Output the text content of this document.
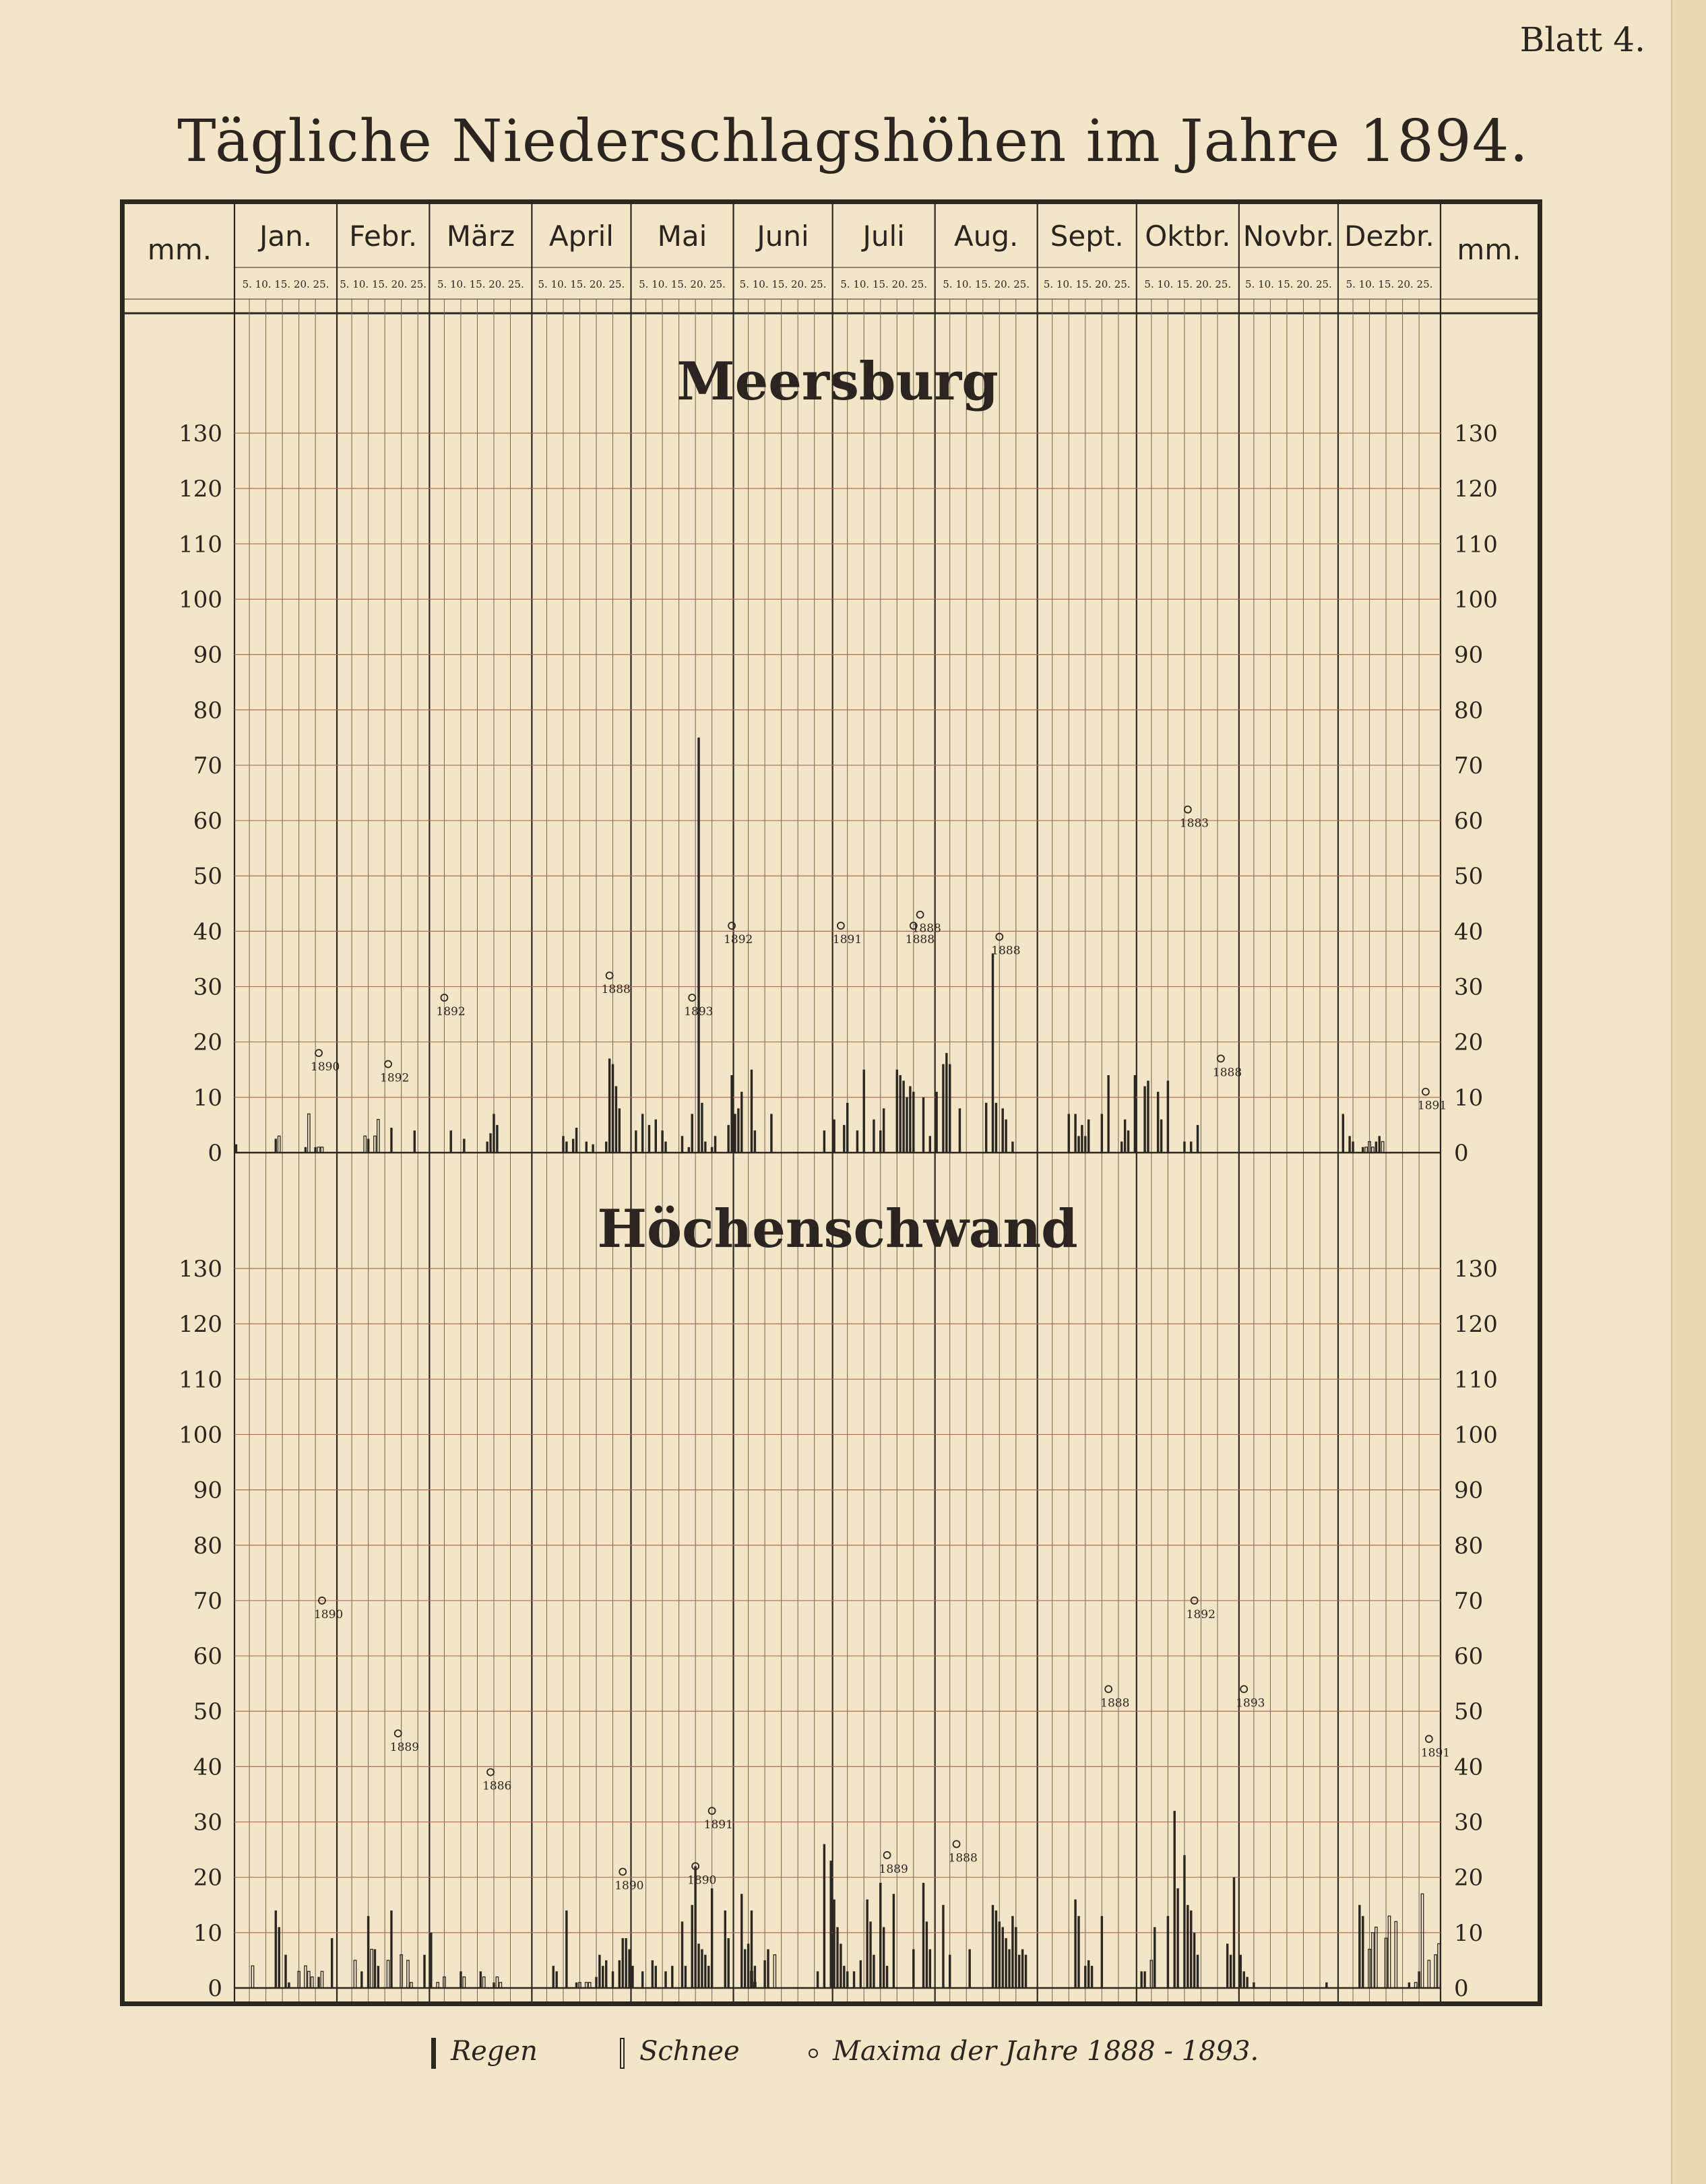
Blatt 4.
Tägliche Niederschlagshöhen im Jahre 1894.
mm.	mm.
Jan.
5. 10. 15. 20. 25.
Febr.
5. 10. 15. 20. 25.
März
5. 10. 15. 20. 25.
April
5. 10. 15. 20. 25.
Mai
5. 10. 15. 20. 25.
Juni
5. 10. 15. 20. 25.
Juli
5. 10. 15. 20. 25.
Aug.
5. 10. 15. 20. 25.
Sept.
5. 10. 15. 20. 25.
Oktbr.
5. 10. 15. 20. 25.
Novbr.
5. 10. 15. 20. 25.
Dezbr.
5. 10. 15. 20. 25.
Meersburg
0	0
10	10
20	20
30	30
40	40
50	50
60	60
70	70
80	80
90	90
100	100
110	110
120	120
130	130
1890
1892
1892
1888
1893
1892	1891	1888
1888
1888
1883
1888
1891
Höchenschwand
0	0
10	10
20	20
30	30
40	40
50	50
60	60
70	70
80	80
90	90
100	100
110	110
120	120
130	130
1890
1889
1886
1890	1890
1891
1889
1888
1888
1892
1893
1891
Regen	Schnee	Maxima der Jahre 1888 - 1893.
